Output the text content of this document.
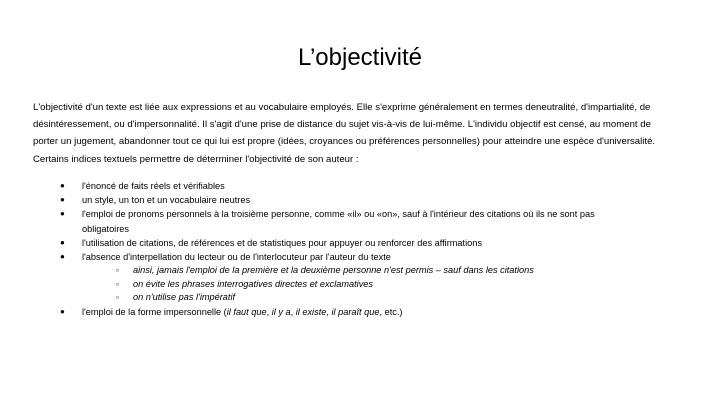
L’objectivité

L'objectivité d'un texte est liée aux expressions et au vocabulaire employés. Elle s'exprime généralement en termes deneutralité, d'impartialité, de

désintéressement, ou d'impersonnalité. Il s'agit d'une prise de distance du sujet vis-à-vis de lui-même. L'individu objectif est censé, au moment de

porter un jugement, abandonner tout ce qui lui est propre (idées, croyances ou préférences personnelles) pour atteindre une espèce d'universalité.

Certains indices textuels permettre de déterminer l'objectivité de son auteur :

● l'énoncé de faits réels et vérifiables
● un style, un ton et un vocabulaire neutres
● l'emploi de pronoms personnels à la troisième personne, comme «il» ou «on», sauf à l'intérieur des citations où ils ne sont pas
obligatoires
● l'utilisation de citations, de références et de statistiques pour appuyer ou renforcer des affirmations
● l'absence d'interpellation du lecteur ou de l'interlocuteur par l'auteur du texte
▫ ainsi, jamais l'emploi de la première et la deuxième personne n'est permis – sauf dans les citations
▫ on évite les phrases interrogatives directes et exclamatives
▫ on n'utilise pas l'impératif
● l'emploi de la forme impersonnelle (il faut que, il y a, il existe, il paraît que, etc.)
